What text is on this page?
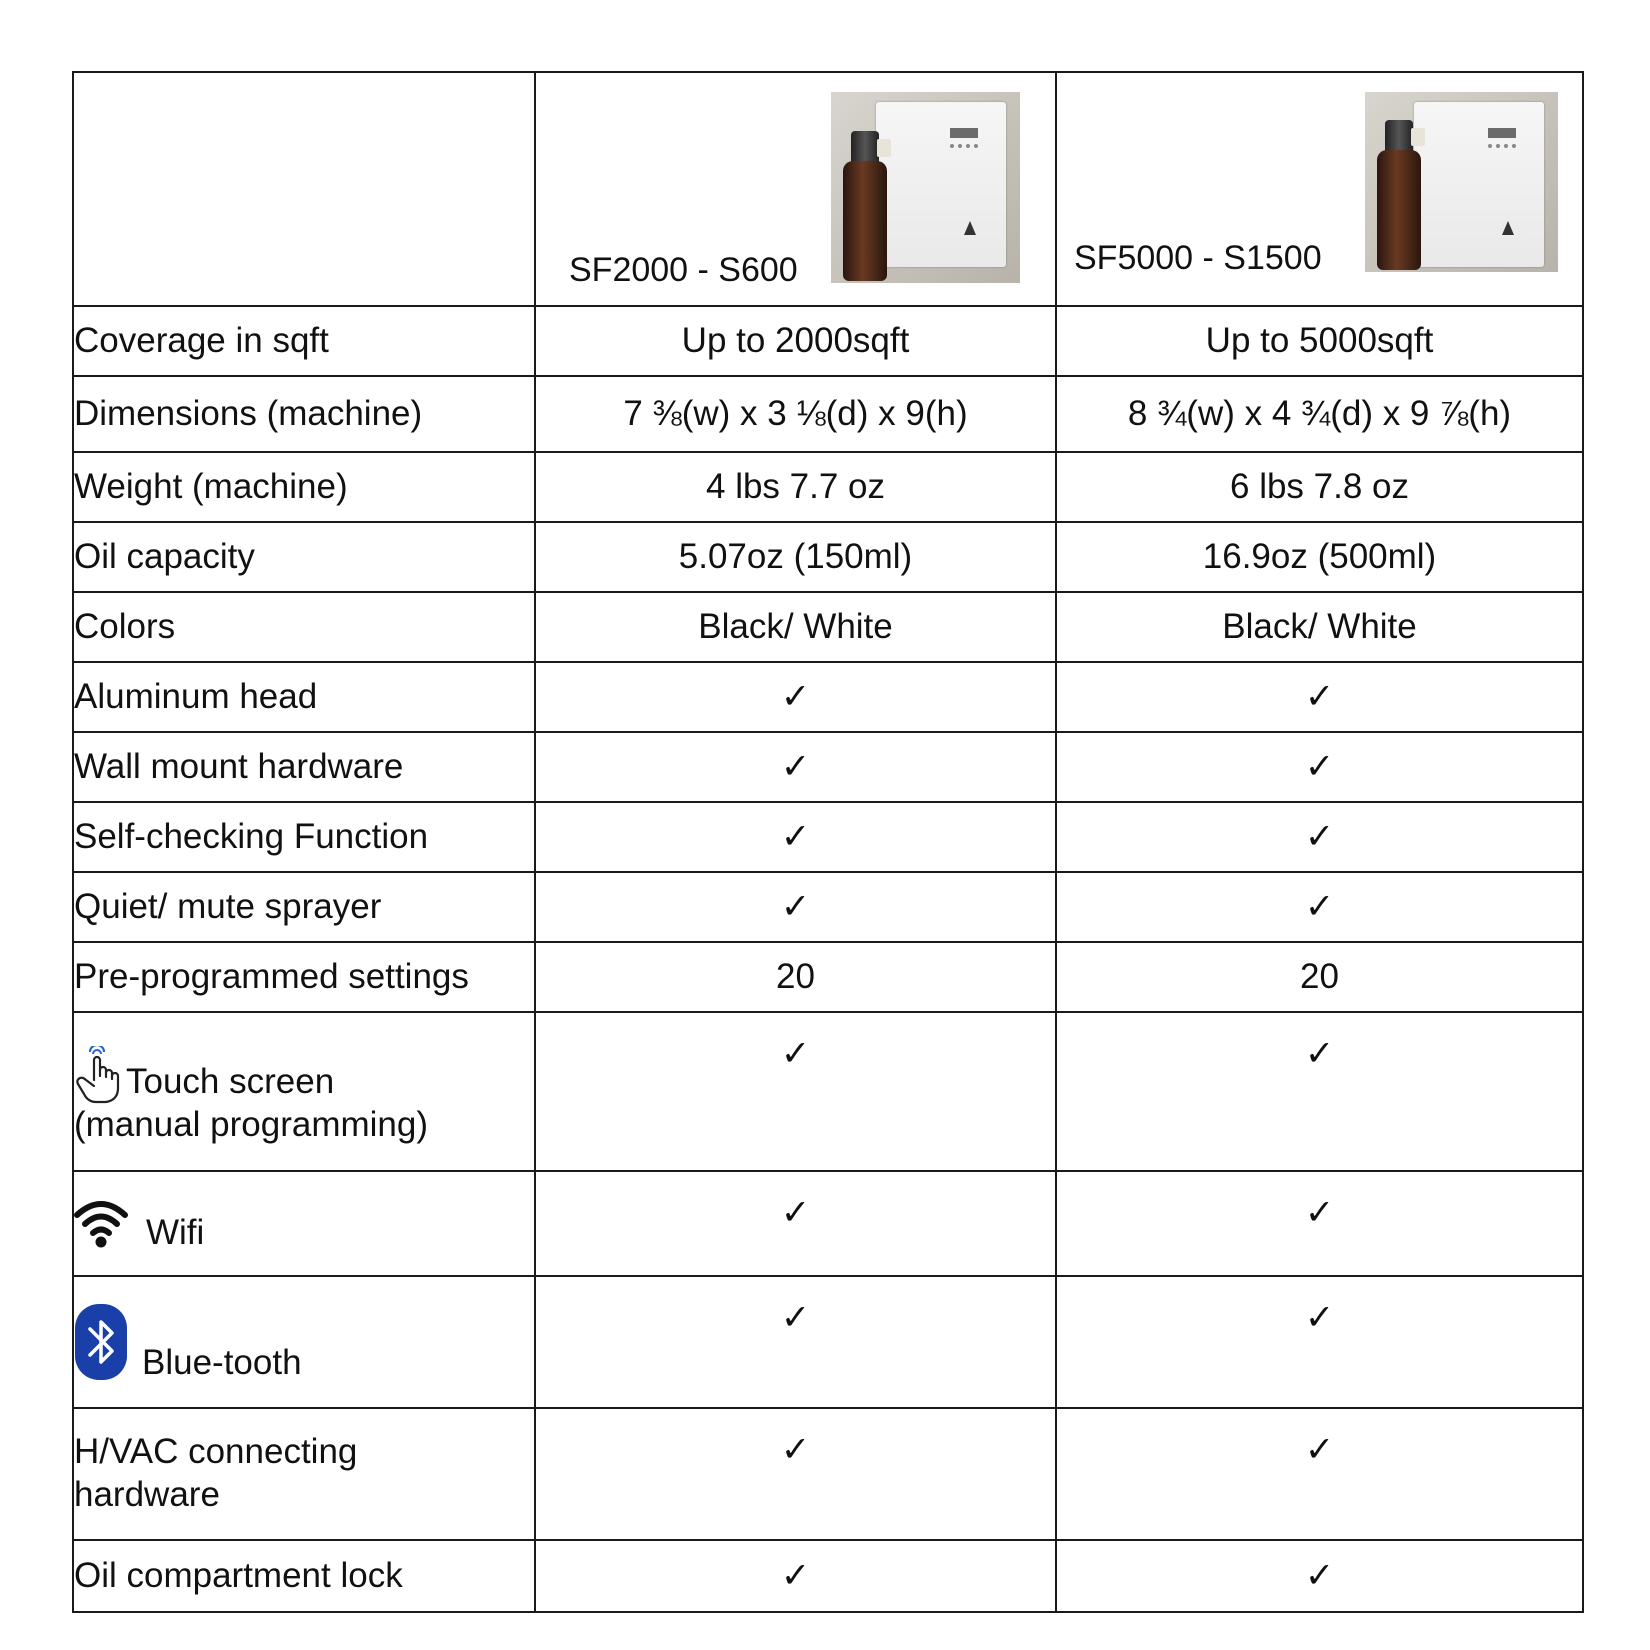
	SF2000 - S600	SF5000 - S1500

Coverage in sqft	Up to 2000sqft	Up to 5000sqft
Dimensions (machine)	7 ⅜(w) x 3 ⅛(d) x 9(h)	8 ¾(w) x 4 ¾(d) x 9 ⅞(h)
Weight (machine)	4 lbs 7.7 oz	6 lbs 7.8 oz
Oil capacity	5.07oz (150ml)	16.9oz (500ml)
Colors	Black/ White	Black/ White
Aluminum head	✓	✓
Wall mount hardware	✓	✓
Self-checking Function	✓	✓
Quiet/ mute sprayer	✓	✓
Pre-programmed settings	20	20

Touch screen
(manual programming)	✓	✓

Wifi	✓	✓

Blue-tooth	✓	✓

H/VAC connecting
hardware	✓	✓
Oil compartment lock	✓	✓
